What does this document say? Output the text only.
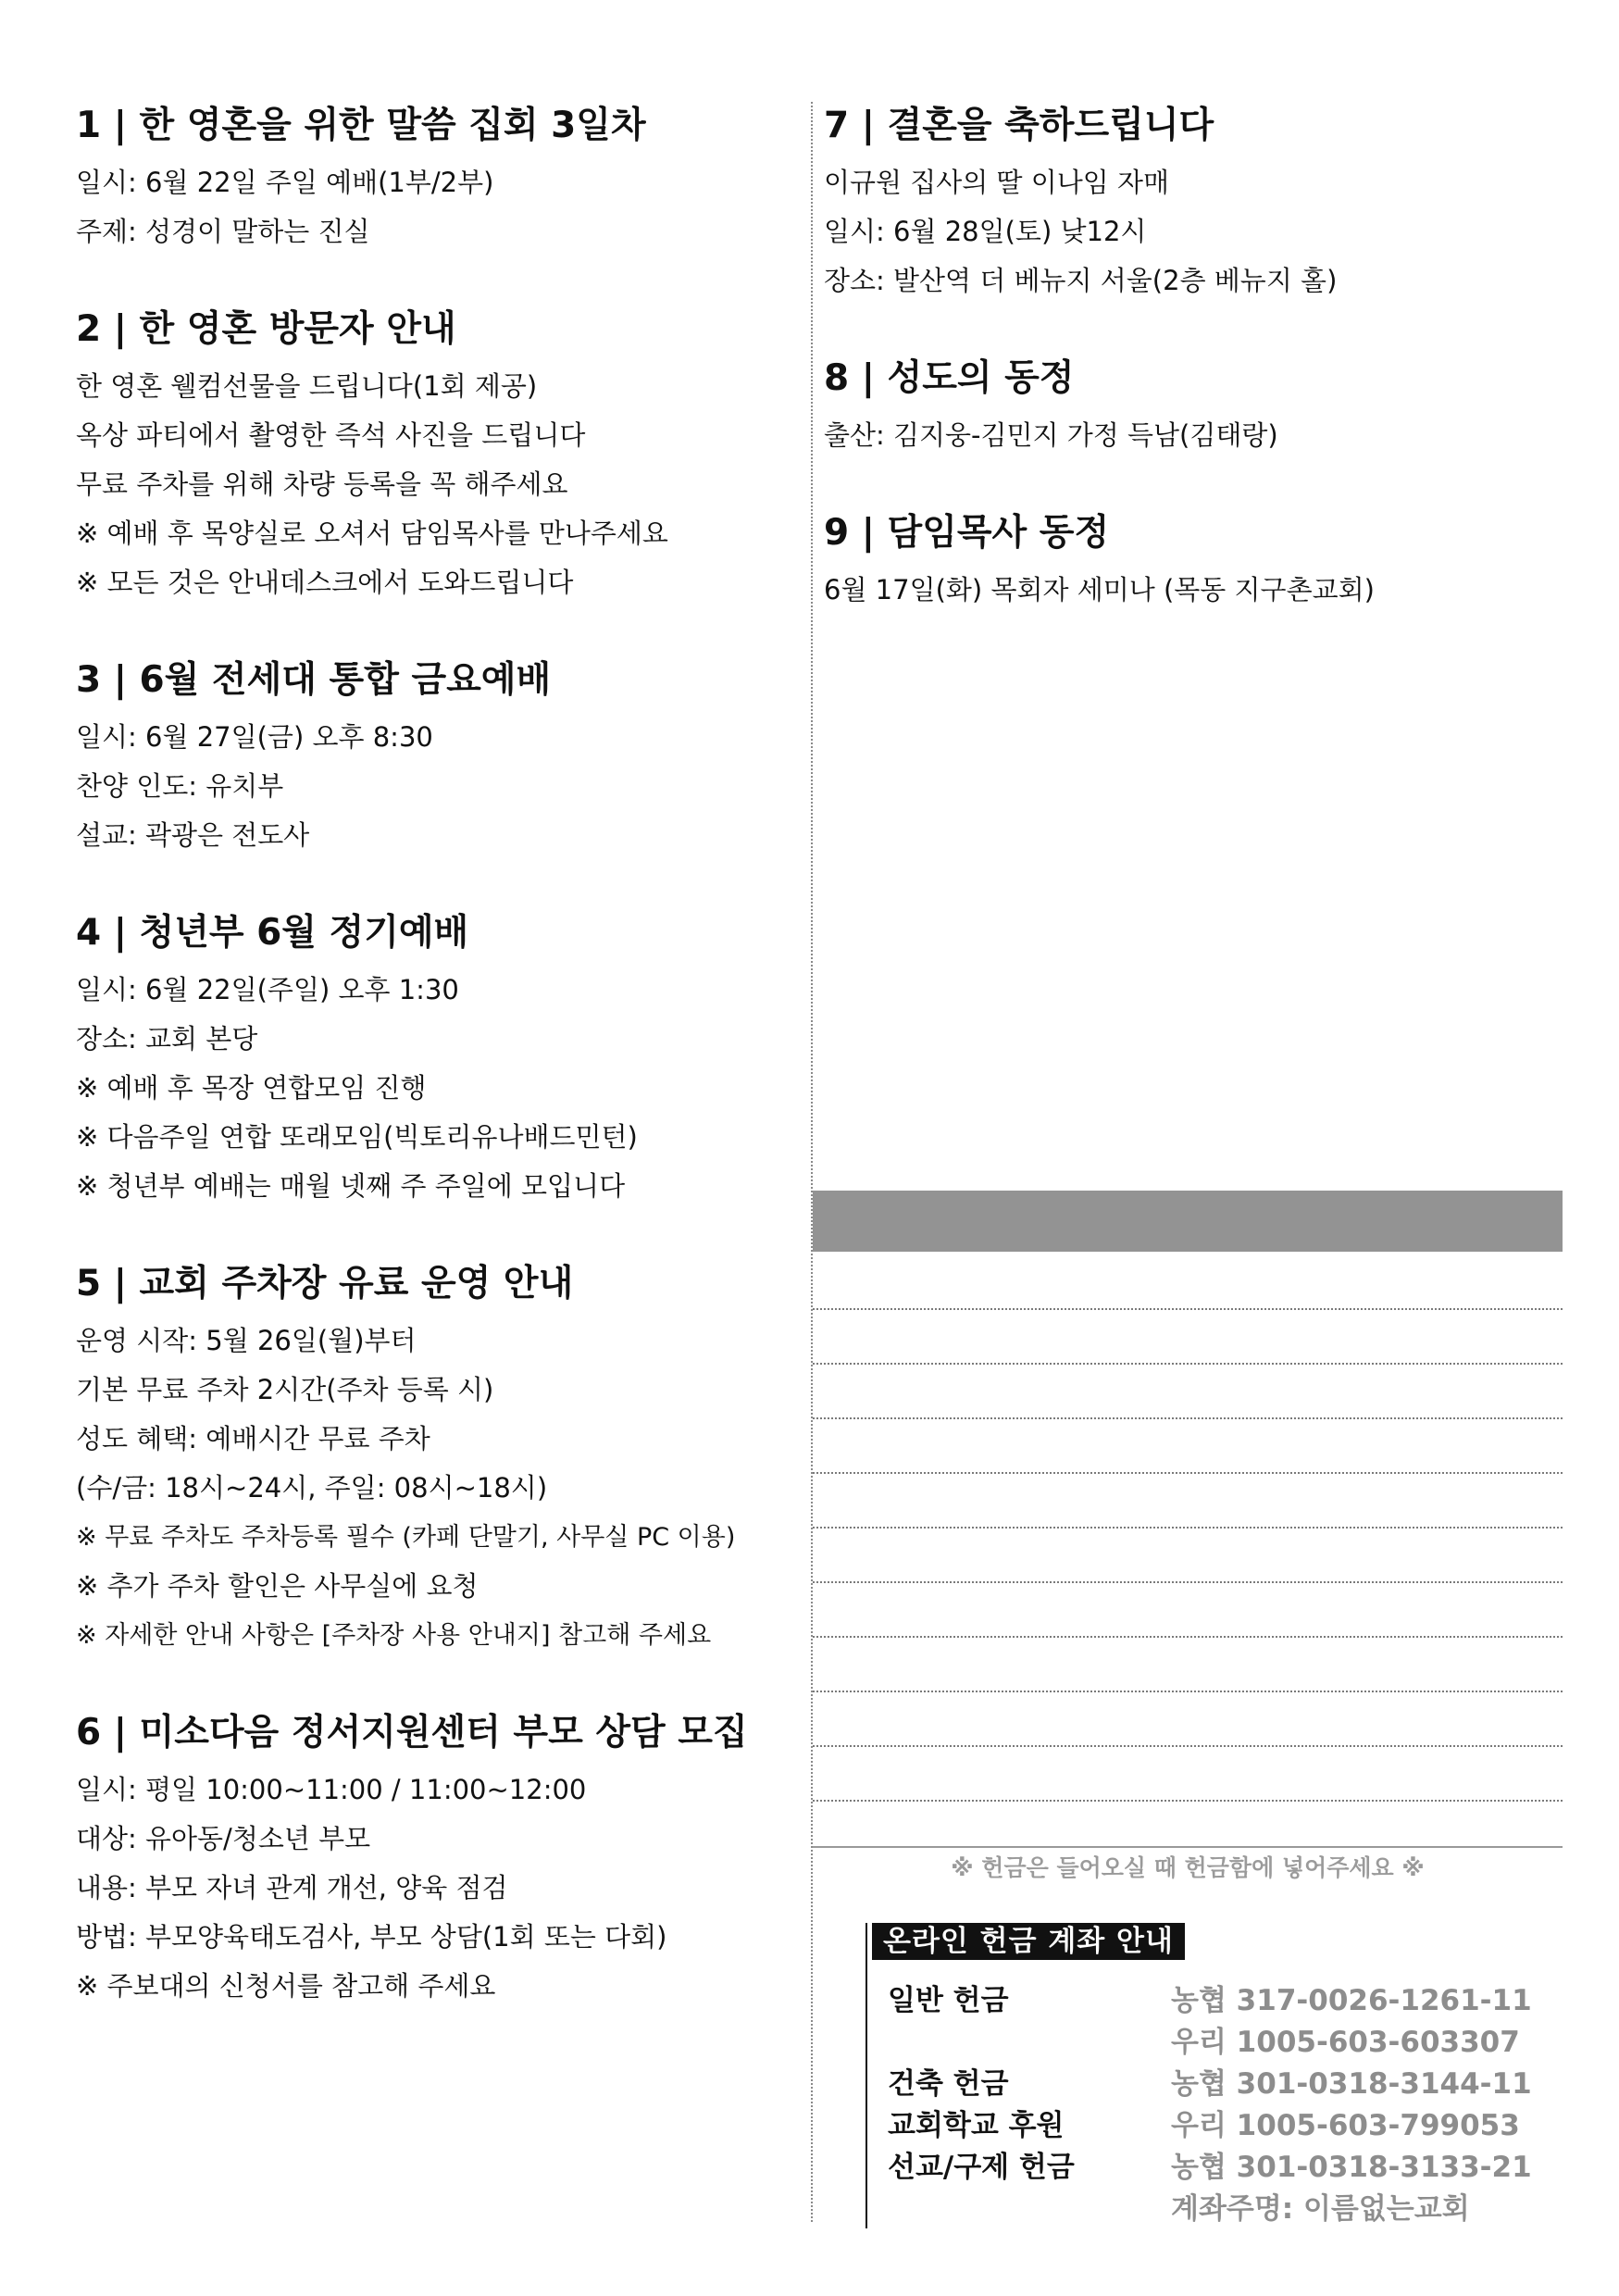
1 | 한 영혼을 위한 말씀 집회 3일차
일시: 6월 22일 주일 예배(1부/2부)
주제: 성경이 말하는 진실
2 | 한 영혼 방문자 안내
한 영혼 웰컴선물을 드립니다(1회 제공)
옥상 파티에서 촬영한 즉석 사진을 드립니다
무료 주차를 위해 차량 등록을 꼭 해주세요
※ 예배 후 목양실로 오셔서 담임목사를 만나주세요
※ 모든 것은 안내데스크에서 도와드립니다
3 | 6월 전세대 통합 금요예배
일시: 6월 27일(금) 오후 8:30
찬양 인도: 유치부
설교: 곽광은 전도사
4 | 청년부 6월 정기예배
일시: 6월 22일(주일) 오후 1:30
장소: 교회 본당
※ 예배 후 목장 연합모임 진행
※ 다음주일 연합 또래모임(빅토리유나배드민턴)
※ 청년부 예배는 매월 넷째 주 주일에 모입니다
5 | 교회 주차장 유료 운영 안내
운영 시작: 5월 26일(월)부터
기본 무료 주차 2시간(주차 등록 시)
성도 혜택: 예배시간 무료 주차
(수/금: 18시~24시, 주일: 08시~18시)
※ 무료 주차도 주차등록 필수 (카페 단말기, 사무실 PC 이용)
※ 추가 주차 할인은 사무실에 요청
※ 자세한 안내 사항은 [주차장 사용 안내지] 참고해 주세요
6 | 미소다음 정서지원센터 부모 상담 모집
일시: 평일 10:00~11:00 / 11:00~12:00
대상: 유아동/청소년 부모
내용: 부모 자녀 관계 개선, 양육 점검
방법: 부모양육태도검사, 부모 상담(1회 또는 다회)
※ 주보대의 신청서를 참고해 주세요
7 | 결혼을 축하드립니다
이규원 집사의 딸 이나임 자매
일시: 6월 28일(토) 낮12시
장소: 발산역 더 베뉴지 서울(2층 베뉴지 홀)
8 | 성도의 동정
출산: 김지웅-김민지 가정 득남(김태랑)
9 | 담임목사 동정
6월 17일(화) 목회자 세미나 (목동 지구촌교회)
※ 헌금은 들어오실 때 헌금함에 넣어주세요 ※
온라인 헌금 계좌 안내
일반 헌금	농협 317-0026-1261-11
우리 1005-603-603307
건축 헌금	농협 301-0318-3144-11
교회학교 후원	우리 1005-603-799053
선교/구제 헌금	농협 301-0318-3133-21
계좌주명: 이름없는교회
